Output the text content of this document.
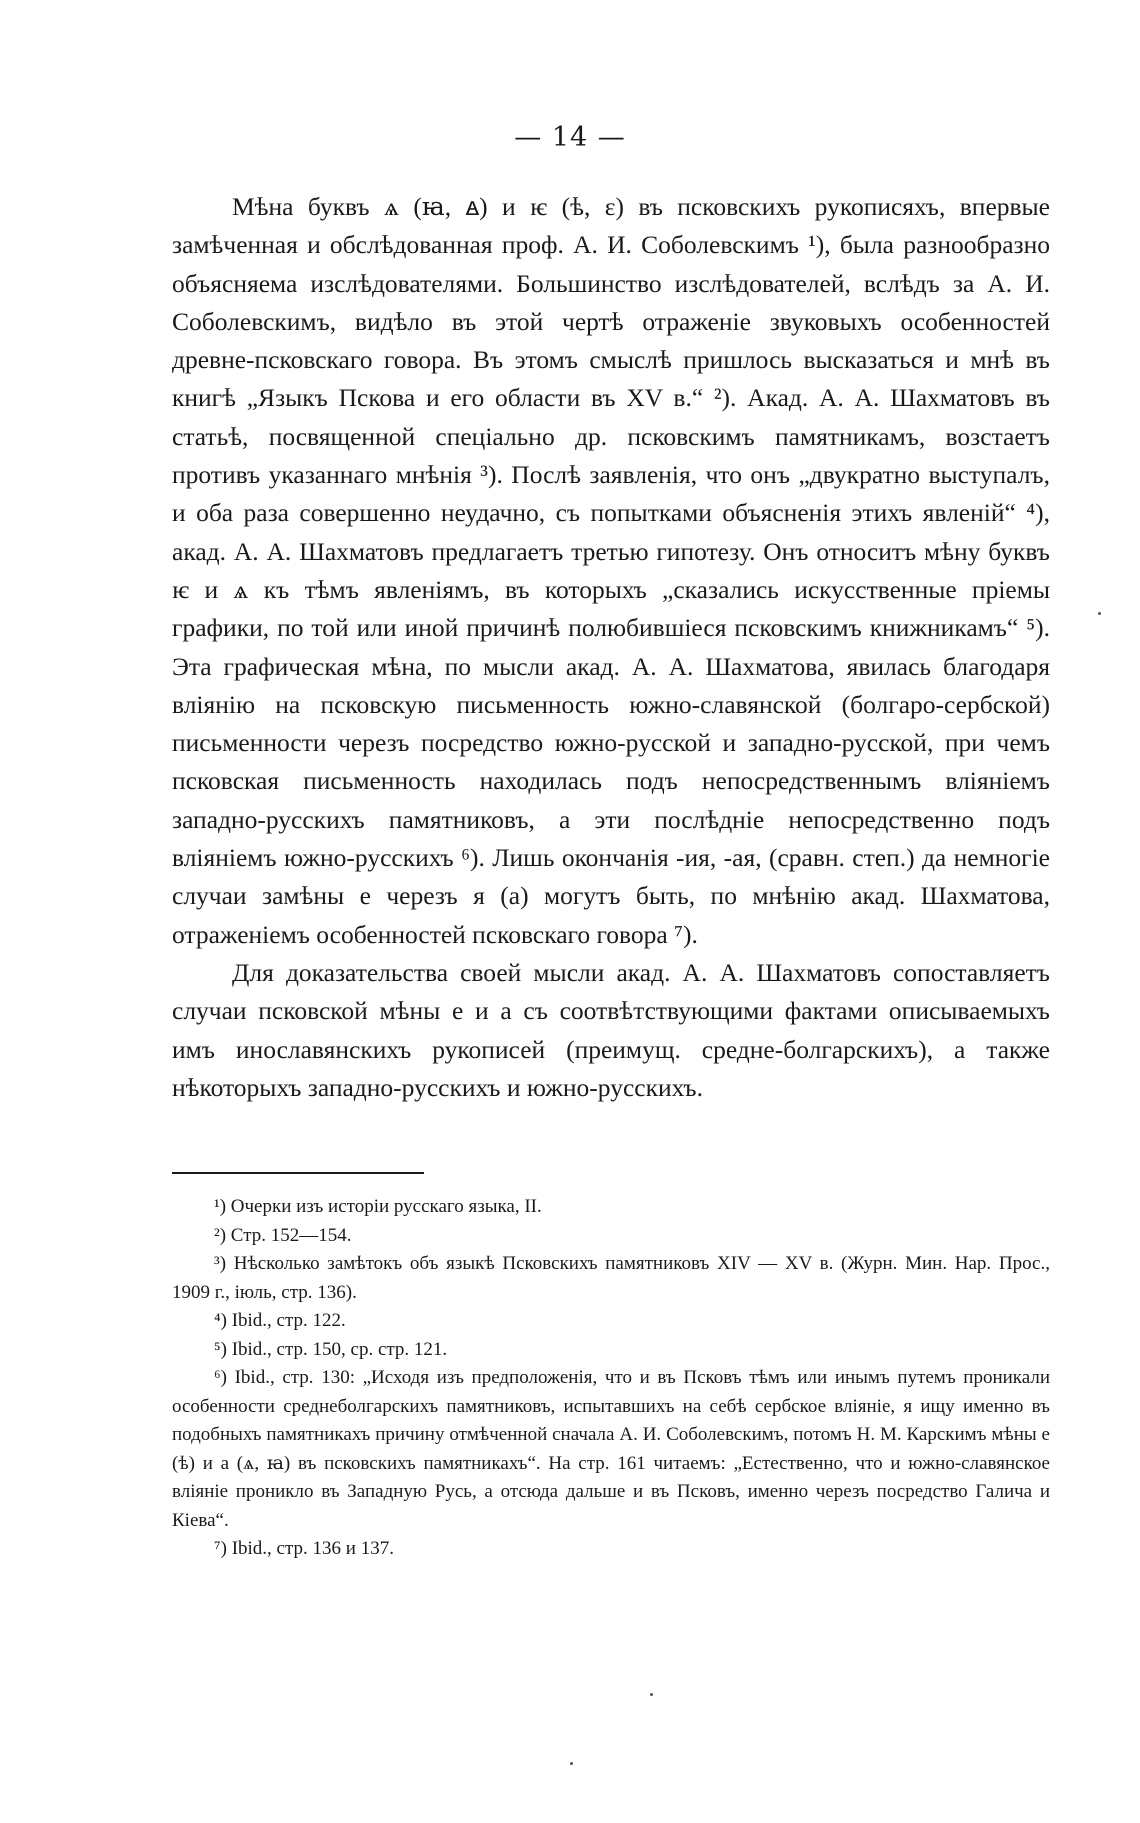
— 14 —

Мѣна буквъ ѧ (ꙗ, ꙙ) и ѥ (ѣ, ɛ) въ псковскихъ рукописяхъ, впервые замѣченная и обслѣдованная проф. А. И. Соболевскимъ ¹), была разнообразно объясняема изслѣдователями. Большинство изслѣдователей, вслѣдъ за А. И. Соболевскимъ, видѣло въ этой чертѣ отраженіе звуковыхъ особенностей древне-псковскаго говора. Въ этомъ смыслѣ пришлось высказаться и мнѣ въ книгѣ „Языкъ Пскова и его области въ XV в.“ ²). Акад. А. А. Шахматовъ въ статьѣ, посвященной спеціально др. псковскимъ памятникамъ, возстаетъ противъ указаннаго мнѣнія ³). Послѣ заявленія, что онъ „двукратно выступалъ, и оба раза совершенно неудачно, съ попытками объясненія этихъ явленій“ ⁴), акад. А. А. Шахматовъ предлагаетъ третью гипотезу. Онъ относитъ мѣну буквъ ѥ и ѧ къ тѣмъ явленіямъ, въ которыхъ „сказались искусственные пріемы графики, по той или иной причинѣ полюбившіеся псковскимъ книжникамъ“ ⁵). Эта графическая мѣна, по мысли акад. А. А. Шахматова, явилась благодаря вліянію на псковскую письменность южно-славянской (болгаро-сербской) письменности черезъ посредство южно-русской и западно-русской, при чемъ псковская письменность находилась подъ непосредственнымъ вліяніемъ западно-русскихъ памятниковъ, а эти послѣдніе непосредственно подъ вліяніемъ южно-русскихъ ⁶). Лишь окончанія -ия, -ая, (сравн. степ.) да немногіе случаи замѣны е черезъ я (а) могутъ быть, по мнѣнію акад. Шахматова, отраженіемъ особенностей псковскаго говора ⁷).

Для доказательства своей мысли акад. А. А. Шахматовъ сопоставляетъ случаи псковской мѣны е и а съ соотвѣтствующими фактами описываемыхъ имъ инославянскихъ рукописей (преимущ. средне-болгарскихъ), а также нѣкоторыхъ западно-русскихъ и южно-русскихъ.

¹) Очерки изъ исторіи русскаго языка, II.

²) Стр. 152—154.

³) Нѣсколько замѣтокъ объ языкѣ Псковскихъ памятниковъ XIV — XV в. (Журн. Мин. Нар. Прос., 1909 г., іюль, стр. 136).

⁴) Ibid., стр. 122.

⁵) Ibid., стр. 150, ср. стр. 121.

⁶) Ibid., стр. 130: „Исходя изъ предположенія, что и въ Псковъ тѣмъ или инымъ путемъ проникали особенности среднеболгарскихъ памятниковъ, испытавшихъ на себѣ сербское вліяніе, я ищу именно въ подобныхъ памятникахъ причину отмѣченной сначала А. И. Соболевскимъ, потомъ Н. М. Карскимъ мѣны е (ѣ) и а (ѧ, ꙗ) въ псковскихъ памятникахъ“. На стр. 161 читаемъ: „Естественно, что и южно-славянское вліяніе проникло въ Западную Русь, а отсюда дальше и въ Псковъ, именно черезъ посредство Галича и Кіева“.

⁷) Ibid., стр. 136 и 137.
